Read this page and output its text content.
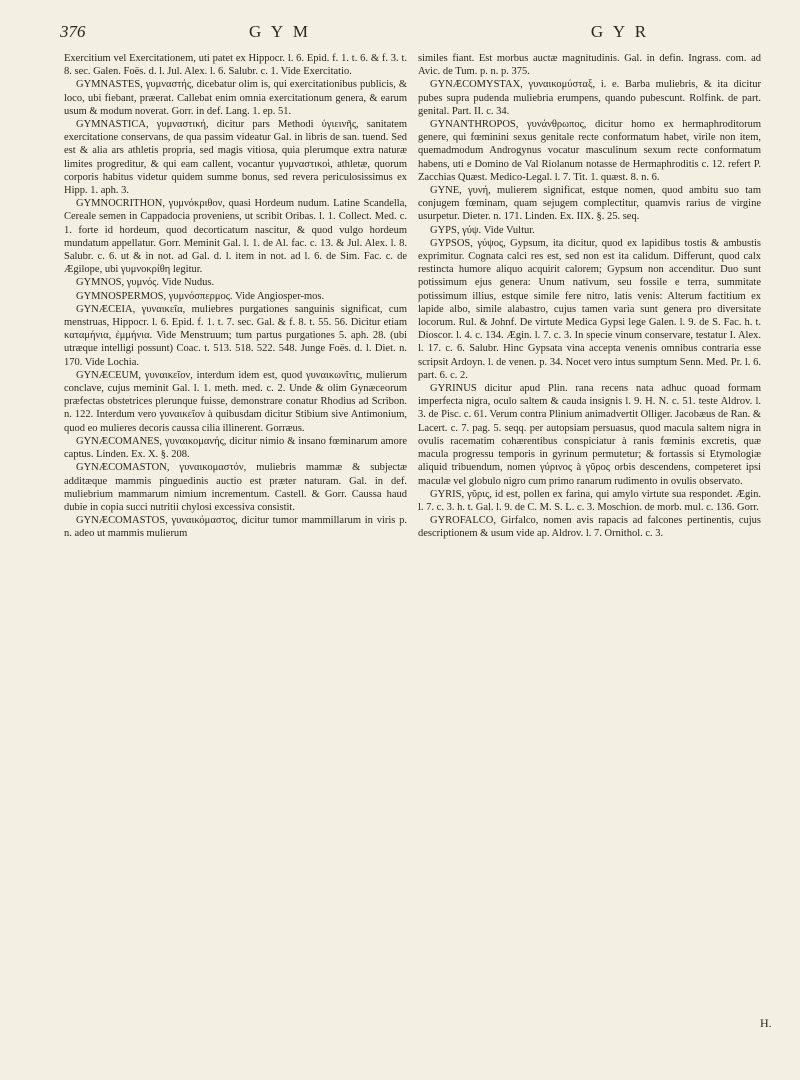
376	G Y M	G Y R

Exercitium vel Exercitationem, uti patet ex Hippocr. l. 6. Epid. f. 1. t. 6. & f. 3. t. 8. sec. Galen. Foës. d. l. Jul. Alex. l. 6. Salubr. c. 1. Vide Exercitatio.

GYMNASTES, γυμναστής, dicebatur olim is, qui exercitationibus publicis, & loco, ubi fiebant, præerat. Callebat enim omnia exercitationum genera, & earum usum & modum noverat. Gorr. in def. Lang. 1. ep. 51.

GYMNASTICA, γυμναστική, dicitur pars Methodi ὑγιεινῆς, sanitatem exercitatione conservans, de qua passim videatur Gal. in libris de san. tuend. Sed est & alia ars athletis propria, sed magis vitiosa, quia plerumque extra naturæ limites progreditur, & qui eam callent, vocantur γυμναστικοὶ, athletæ, quorum corporis habitus videtur quidem summe bonus, sed revera periculosissimus ex Hipp. 1. aph. 3.

GYMNOCRITHON, γυμνόκριθον, quasi Hordeum nudum. Latine Scandella, Cereale semen in Cappadocia proveniens, ut scribit Oribas. l. 1. Collect. Med. c. 1. forte id hordeum, quod decorticatum nascitur, & quod vulgo hordeum mundatum appellatur. Gorr. Meminit Gal. l. 1. de Al. fac. c. 13. & Jul. Alex. l. 8. Salubr. c. 6. ut & in not. ad Gal. d. l. item in not. ad l. 6. de Sim. Fac. c. de Ægilope, ubi γυμνοκρίθη legitur.

GYMNOS, γυμνός. Vide Nudus.

GYMNOSPERMOS, γυμνόσπερμος. Vide Angiosper-mos.

GYNÆCEIA, γυναικεῖα, muliebres purgationes sanguinis significat, cum menstruas, Hippocr. l. 6. Epid. f. 1. t. 7. sec. Gal. & f. 8. t. 55. 56. Dicitur etiam καταμήνια, ἐμμήνια. Vide Menstruum; tum partus purgationes 5. aph. 28. (ubi utræque intelligi possunt) Coac. t. 513. 518. 522. 548. Junge Foës. d. l. Diet. n. 170. Vide Lochia.

GYNÆCEUM, γυναικεῖον, interdum idem est, quod γυναικωνῖτις, mulierum conclave, cujus meminit Gal. l. 1. meth. med. c. 2. Unde & olim Gynæceorum præfectas obstetrices plerunque fuisse, demonstrare conatur Rhodius ad Scribon. n. 122. Interdum vero γυναικεῖον à quibusdam dicitur Stibium sive Antimonium, quod eo mulieres decoris caussa cilia illinerent. Gorræus.

GYNÆCOMANES, γυναικομανής, dicitur nimio & insano fœminarum amore captus. Linden. Ex. X. §. 208.

GYNÆCOMASTON, γυναικομαστόν, muliebris mammæ & subjectæ additæque mammis pinguedinis auctio est præter naturam. Gal. in def. muliebrium mammarum nimium incrementum. Castell. & Gorr. Caussa haud dubie in copia succi nutritii chylosi excessiva consistit.

GYNÆCOMASTOS, γυναικόμαστος, dicitur tumor mammillarum in viris p. n. adeo ut mammis mulierum

similes fiant. Est morbus auctæ magnitudinis. Gal. in defin. Ingrass. com. ad Avic. de Tum. p. n. p. 375.

GYNÆCOMYSTAX, γυναικομύσταξ, i. e. Barba muliebris, & ita dicitur pubes supra pudenda muliebria erumpens, quando pubescunt. Rolfink. de part. genital. Part. II. c. 34.

GYNANTHROPOS, γυνάνθρωπος, dicitur homo ex hermaphroditorum genere, qui fœminini sexus genitale recte conformatum habet, virile non item, quemadmodum Androgynus vocatur masculinum sexum recte conformatum habens, uti e Domino de Val Riolanum notasse de Hermaphroditis c. 12. refert P. Zacchias Quæst. Medico-Legal. l. 7. Tit. 1. quæst. 8. n. 6.

GYNE, γυνή, mulierem significat, estque nomen, quod ambitu suo tam conjugem fœminam, quam sejugem complectitur, quamvis rarius de virgine usurpetur. Dieter. n. 171. Linden. Ex. IIX. §. 25. seq.

GYPS, γύψ. Vide Vultur.

GYPSOS, γύψος, Gypsum, ita dicitur, quod ex lapidibus tostis & ambustis exprimitur. Cognata calci res est, sed non est ita calidum. Differunt, quod calx restincta humore aliquo acquirit calorem; Gypsum non accenditur. Duo sunt potissimum ejus genera: Unum nativum, seu fossile e terra, summitate potissimum illius, estque simile fere nitro, latis venis: Alterum factitium ex lapide albo, simile alabastro, cujus tamen varia sunt genera pro diversitate locorum. Rul. & Johnf. De virtute Medica Gypsi lege Galen. l. 9. de S. Fac. h. t. Dioscor. l. 4. c. 134. Ægin. l. 7. c. 3. In specie vinum conservare, testatur I. Alex. l. 17. c. 6. Salubr. Hinc Gypsata vina accepta venenis omnibus contraria esse scripsit Ardoyn. l. de venen. p. 34. Nocet vero intus sumptum Senn. Med. Pr. l. 6. part. 6. c. 2.

GYRINUS dicitur apud Plin. rana recens nata adhuc quoad formam imperfecta nigra, oculo saltem & cauda insignis l. 9. H. N. c. 51. teste Aldrov. l. 3. de Pisc. c. 61. Verum contra Plinium animadvertit Olliger. Jacobæus de Ran. & Lacert. c. 7. pag. 5. seqq. per autopsiam persuasus, quod macula saltem nigra in ovulis racematim cohærentibus conspiciatur à ranis fœminis excretis, quæ macula progressu temporis in gyrinum permutetur; & fortassis si Etymologiæ aliquid tribuendum, nomen γύρινος à γῦρος orbis descendens, competeret ipsi maculæ vel globulo nigro cum primo ranarum rudimento in ovulis observato.

GYRIS, γῦρις, id est, pollen ex farina, qui amylo virtute sua respondet. Ægin. l. 7. c. 3. h. t. Gal. l. 9. de C. M. S. L. c. 3. Moschion. de morb. mul. c. 136. Gorr.

GYROFALCO, Girfalco, nomen avis rapacis ad falcones pertinentis, cujus descriptionem & usum vide ap. Aldrov. l. 7. Ornithol. c. 3.

H.
